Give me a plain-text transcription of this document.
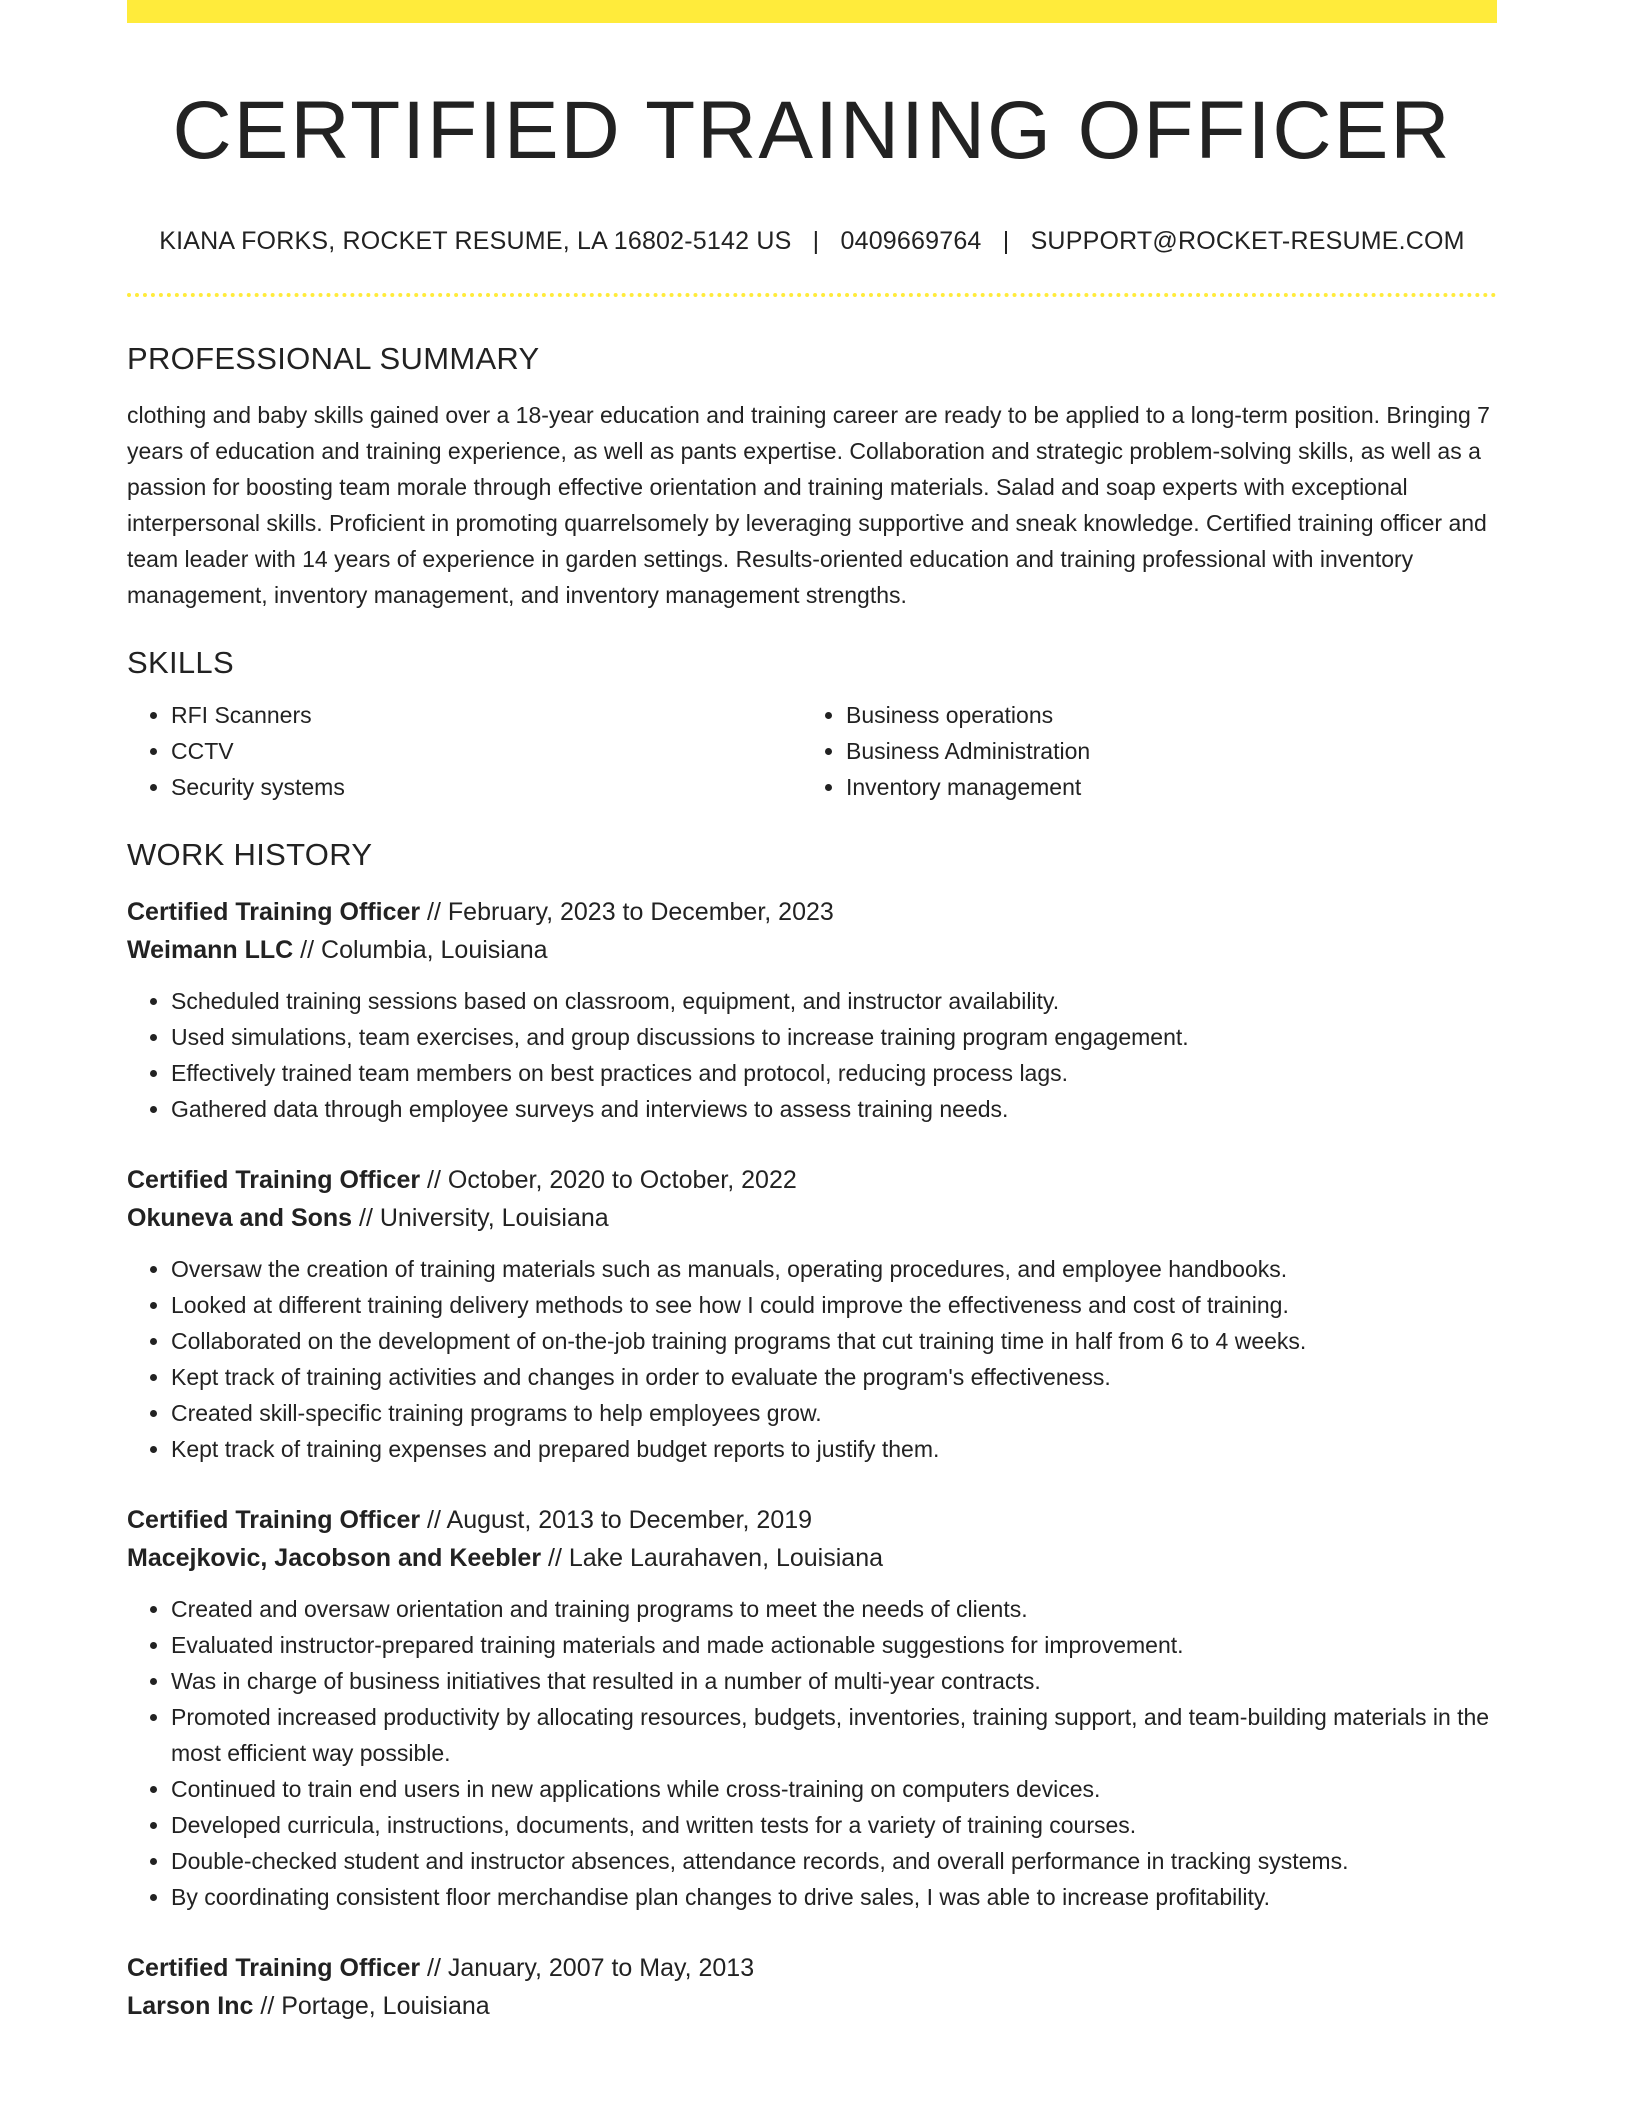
CERTIFIED TRAINING OFFICER
KIANA FORKS, ROCKET RESUME, LA 16802-5142 US | 0409669764 | SUPPORT@ROCKET-RESUME.COM
PROFESSIONAL SUMMARY

clothing and baby skills gained over a 18-year education and training career are ready to be applied to a long-term position. Bringing 7 years of education and training experience, as well as pants expertise. Collaboration and strategic problem-solving skills, as well as a passion for boosting team morale through effective orientation and training materials. Salad and soap experts with exceptional interpersonal skills. Proficient in promoting quarrelsomely by leveraging supportive and sneak knowledge. Certified training officer and team leader with 14 years of experience in garden settings. Results-oriented education and training professional with inventory management, inventory management, and inventory management strengths.

SKILLS
• RFI Scanners
• CCTV
• Security systems
• Business operations
• Business Administration
• Inventory management
WORK HISTORY
Certified Training Officer // February, 2023 to December, 2023
Weimann LLC // Columbia, Louisiana
• Scheduled training sessions based on classroom, equipment, and instructor availability.
• Used simulations, team exercises, and group discussions to increase training program engagement.
• Effectively trained team members on best practices and protocol, reducing process lags.
• Gathered data through employee surveys and interviews to assess training needs.
Certified Training Officer // October, 2020 to October, 2022
Okuneva and Sons // University, Louisiana
• Oversaw the creation of training materials such as manuals, operating procedures, and employee handbooks.
• Looked at different training delivery methods to see how I could improve the effectiveness and cost of training.
• Collaborated on the development of on-the-job training programs that cut training time in half from 6 to 4 weeks.
• Kept track of training activities and changes in order to evaluate the program's effectiveness.
• Created skill-specific training programs to help employees grow.
• Kept track of training expenses and prepared budget reports to justify them.
Certified Training Officer // August, 2013 to December, 2019
Macejkovic, Jacobson and Keebler // Lake Laurahaven, Louisiana
• Created and oversaw orientation and training programs to meet the needs of clients.
• Evaluated instructor-prepared training materials and made actionable suggestions for improvement.
• Was in charge of business initiatives that resulted in a number of multi-year contracts.
• Promoted increased productivity by allocating resources, budgets, inventories, training support, and team-building materials in the most efficient way possible.
• Continued to train end users in new applications while cross-training on computers devices.
• Developed curricula, instructions, documents, and written tests for a variety of training courses.
• Double-checked student and instructor absences, attendance records, and overall performance in tracking systems.
• By coordinating consistent floor merchandise plan changes to drive sales, I was able to increase profitability.
Certified Training Officer // January, 2007 to May, 2013
Larson Inc // Portage, Louisiana
